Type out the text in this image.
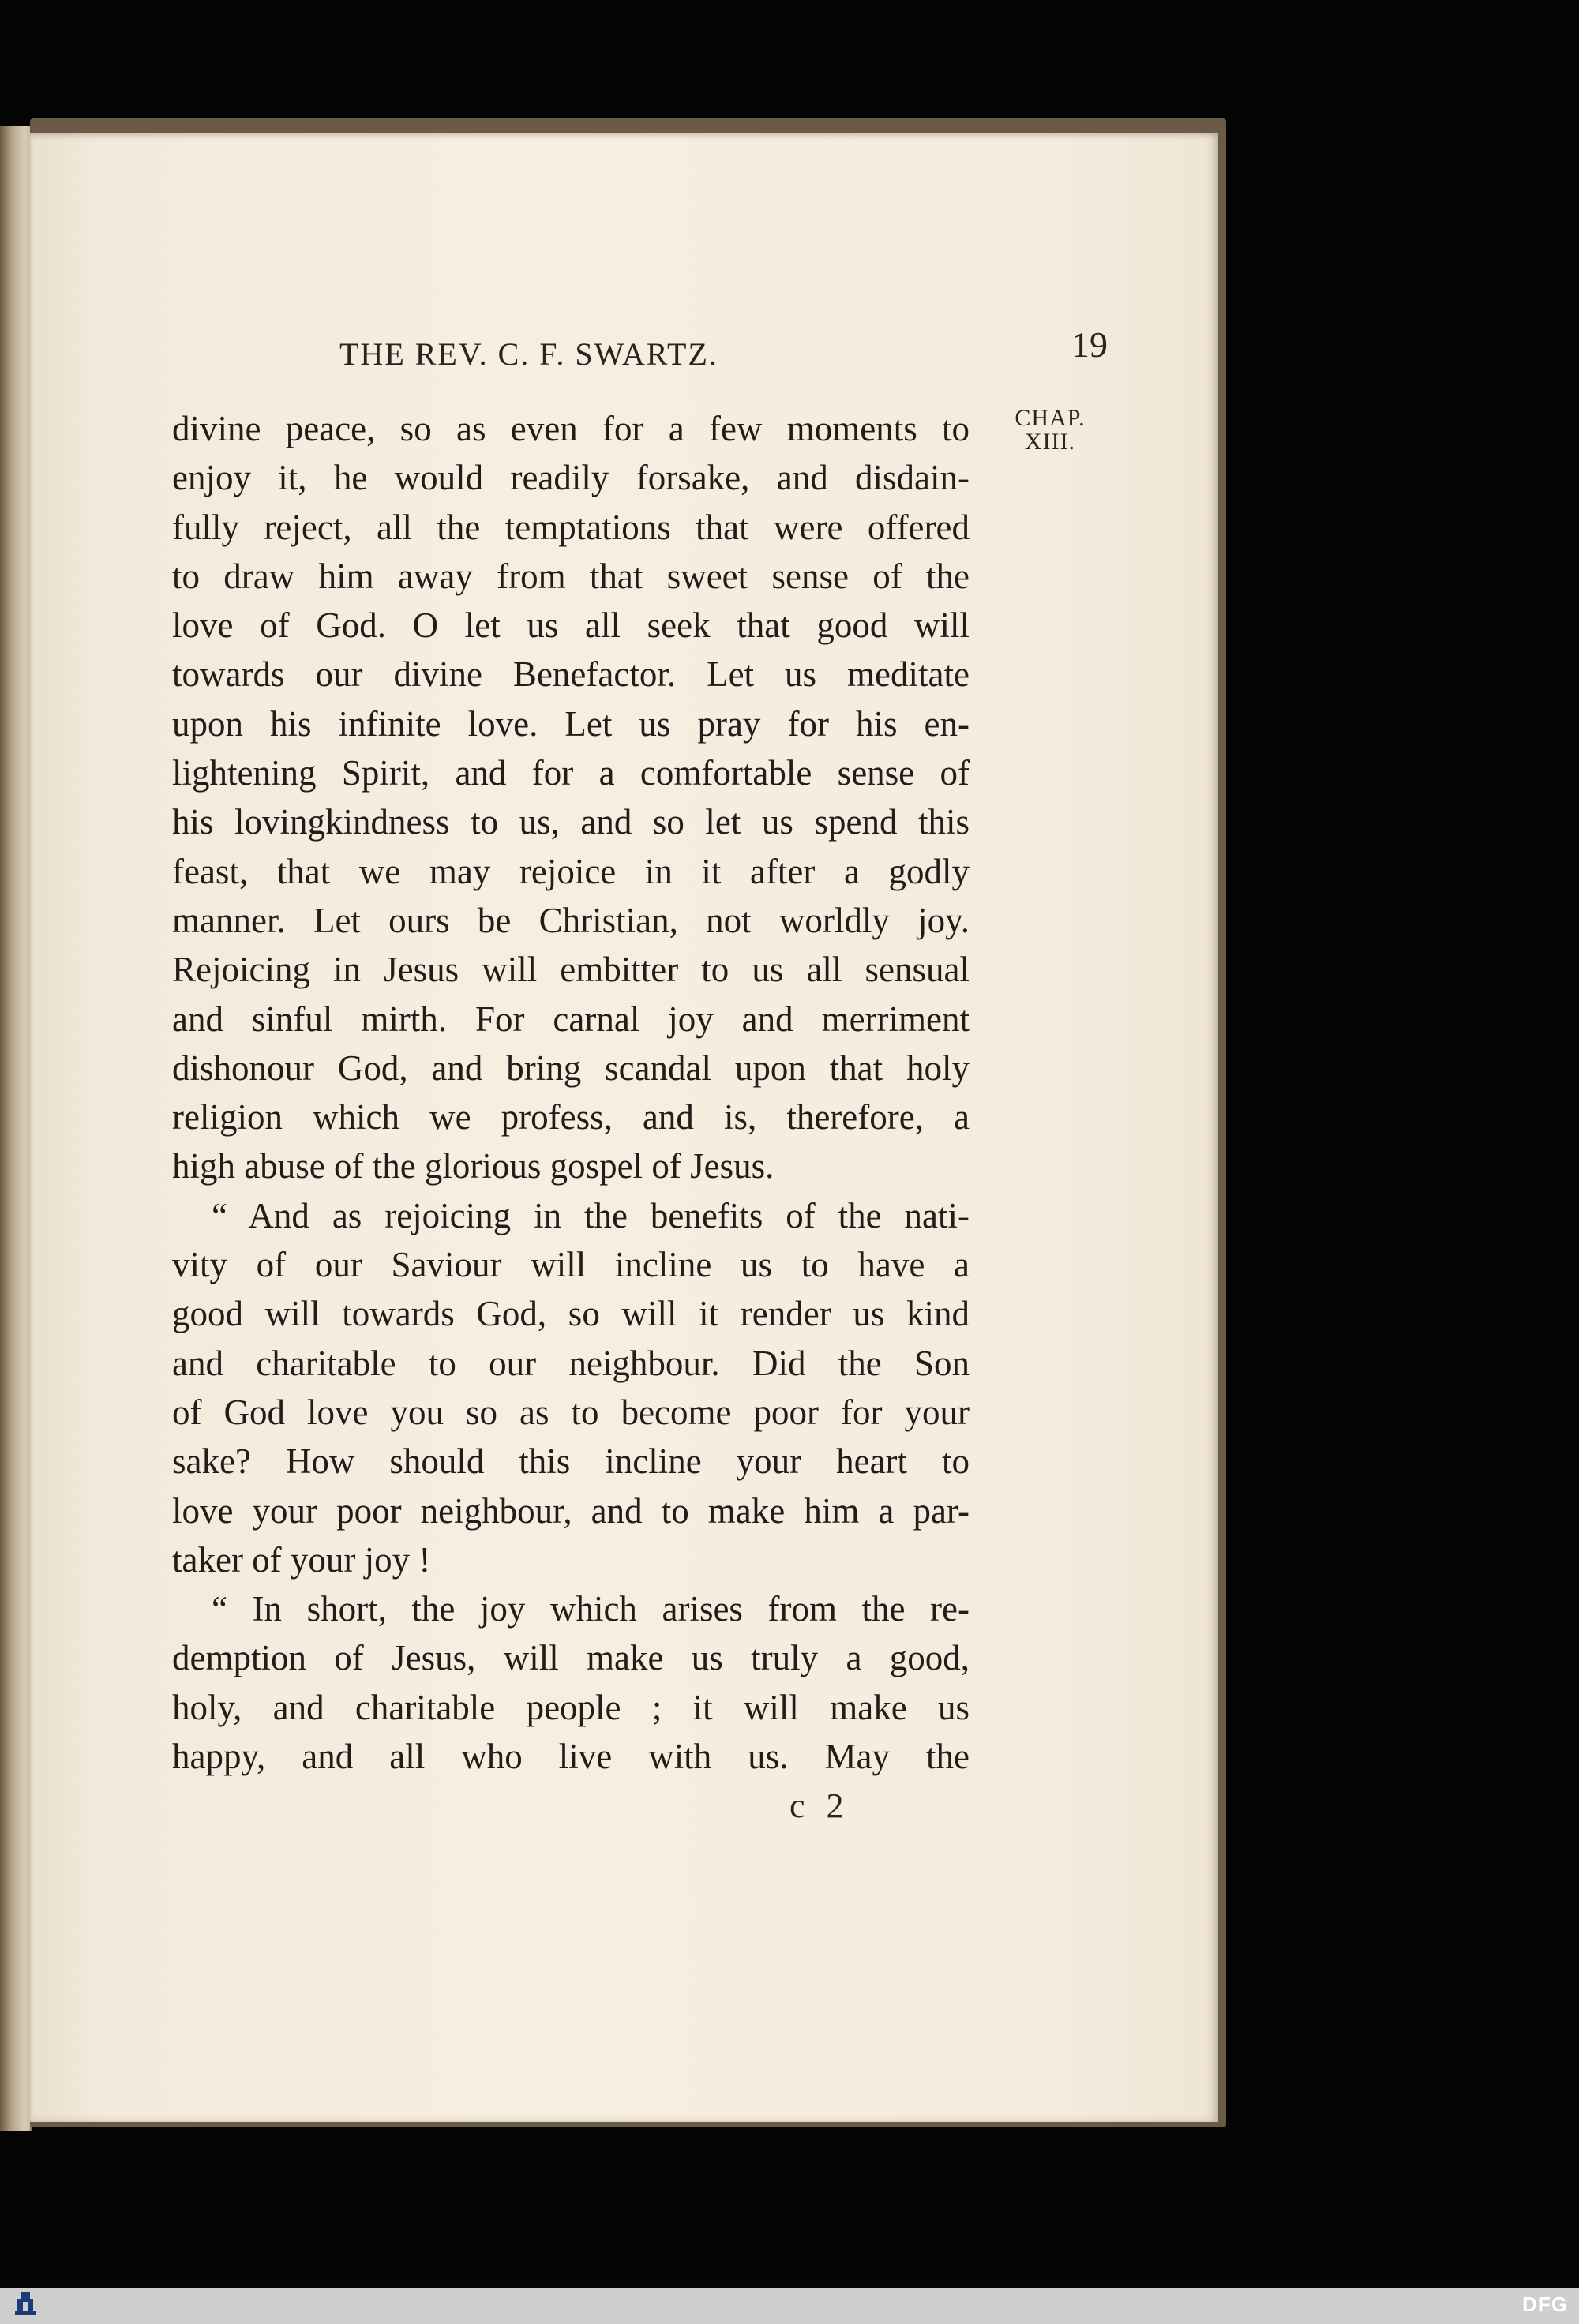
THE REV. C. F. SWARTZ.	19
CHAP.
XIII.
divine peace, so as even for a few moments to
enjoy it, he would readily forsake, and disdain-
fully reject, all the temptations that were offered
to draw him away from that sweet sense of the
love of God. O let us all seek that good will
towards our divine Benefactor. Let us meditate
upon his infinite love. Let us pray for his en-
lightening Spirit, and for a comfortable sense of
his lovingkindness to us, and so let us spend this
feast, that we may rejoice in it after a godly
manner. Let ours be Christian, not worldly joy.
Rejoicing in Jesus will embitter to us all sensual
and sinful mirth. For carnal joy and merriment
dishonour God, and bring scandal upon that holy
religion which we profess, and is, therefore, a
high abuse of the glorious gospel of Jesus.
“ And as rejoicing in the benefits of the nati-
vity of our Saviour will incline us to have a
good will towards God, so will it render us kind
and charitable to our neighbour. Did the Son
of God love you so as to become poor for your
sake? How should this incline your heart to
love your poor neighbour, and to make him a par-
taker of your joy !
“ In short, the joy which arises from the re-
demption of Jesus, will make us truly a good,
holy, and charitable people ; it will make us
happy, and all who live with us. May the
c 2
DFG
